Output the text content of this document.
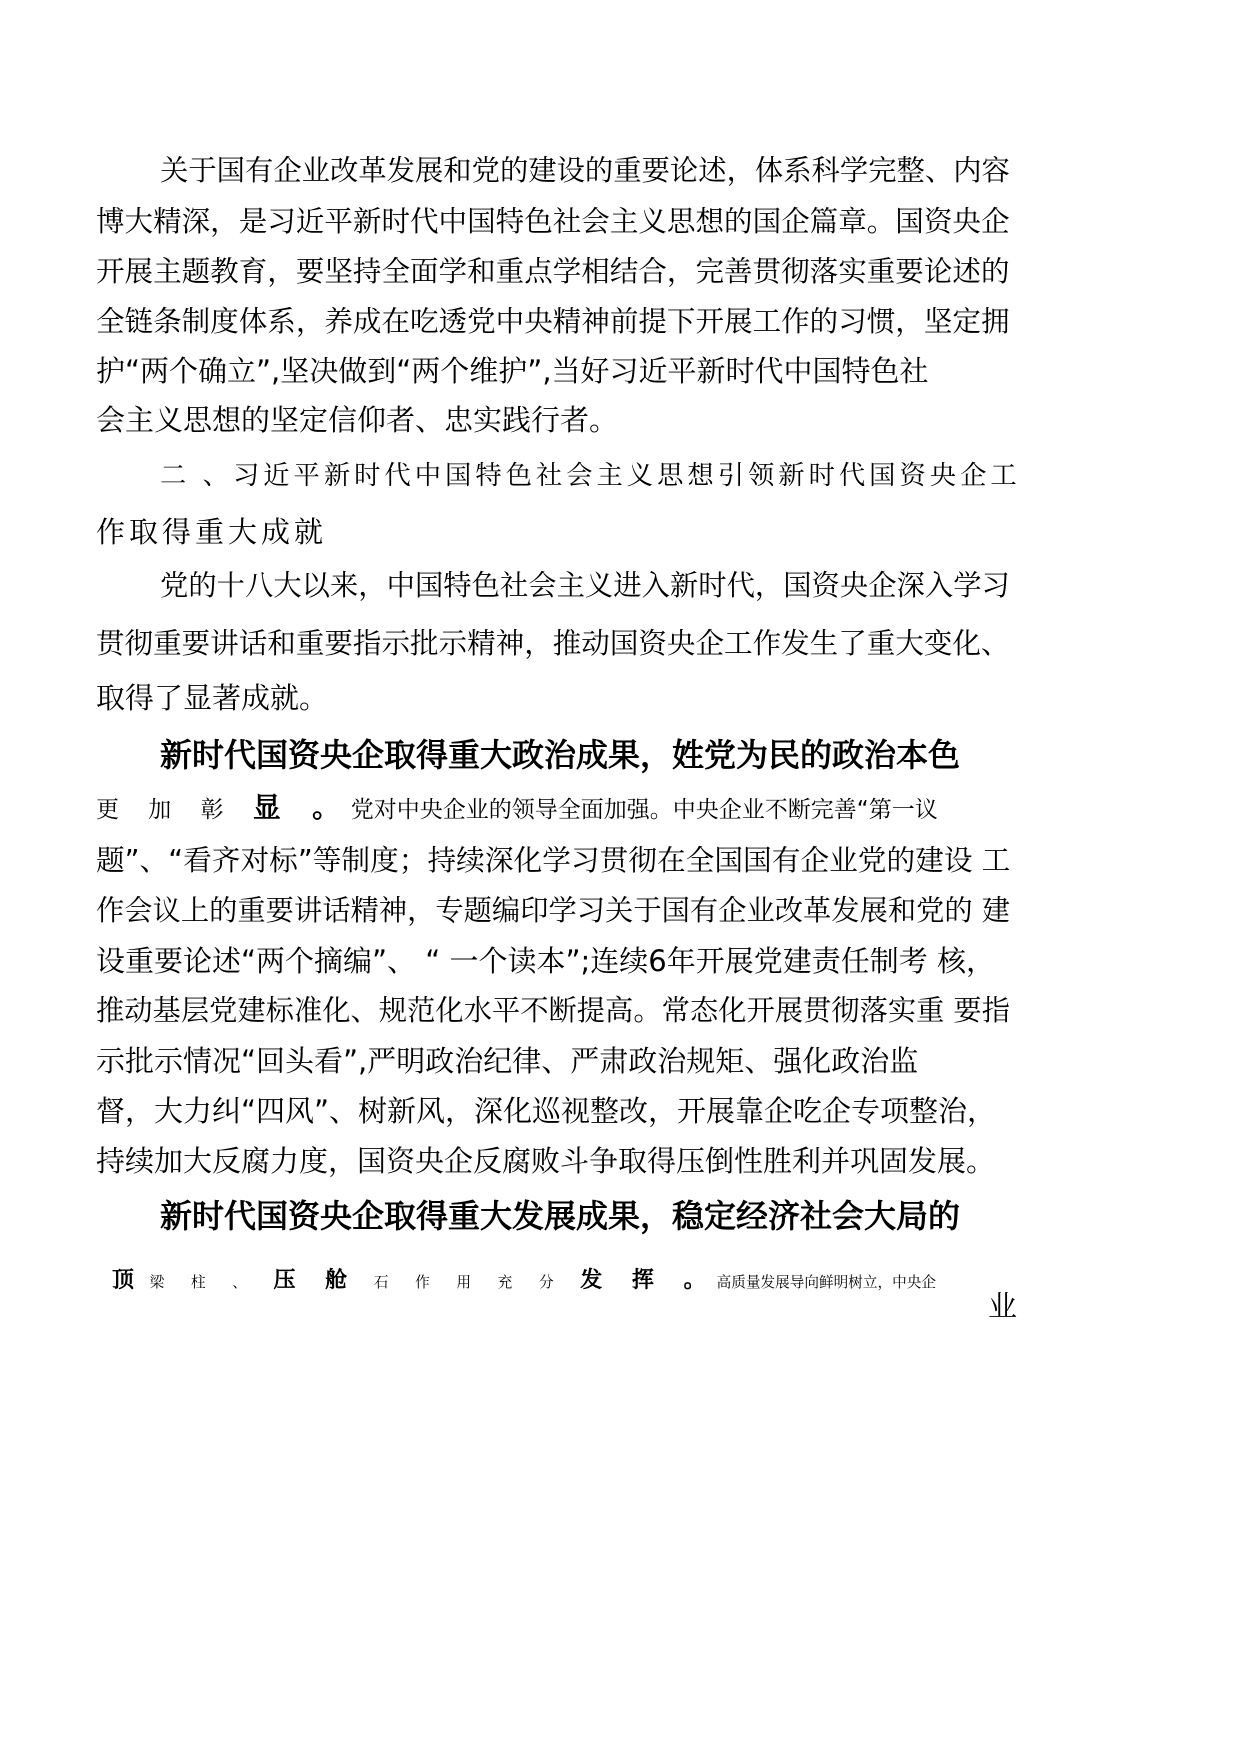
关于国有企业改革发展和党的建设的重要论述，体系科学完整、内容

博大精深，是习近平新时代中国特色社会主义思想的国企篇章。国资央企

开展主题教育，要坚持全面学和重点学相结合，完善贯彻落实重要论述的

全链条制度体系，养成在吃透党中央精神前提下开展工作的习惯，坚定拥

护“两个确立”,坚决做到“两个维护”,当好习近平新时代中国特色社

会主义思想的坚定信仰者、忠实践行者。

二 、习近平新时代中国特色社会主义思想引领新时代国资央企工

作取得重大成就

党的十八大以来，中国特色社会主义进入新时代，国资央企深入学习

贯彻重要讲话和重要指示批示精神，推动国资央企工作发生了重大变化、

取得了显著成就。

新时代国资央企取得重大政治成果，姓党为民的政治本色

更 加 彰 显 。党对中央企业的领导全面加强。中央企业不断完善“第一议

题”、“看齐对标”等制度；持续深化学习贯彻在全国国有企业党的建设 工

作会议上的重要讲话精神，专题编印学习关于国有企业改革发展和党的 建

设重要论述“两个摘编”、 “ 一个读本”;连续6年开展党建责任制考 核，

推动基层党建标准化、规范化水平不断提高。常态化开展贯彻落实重 要指

示批示情况“回头看”,严明政治纪律、严肃政治规矩、强化政治监

督，大力纠“四风”、树新风，深化巡视整改，开展靠企吃企专项整治，

持续加大反腐力度，国资央企反腐败斗争取得压倒性胜利并巩固发展。

新时代国资央企取得重大发展成果，稳定经济社会大局的

顶 梁 柱 、 压 舱 石 作 用 充 分 发 挥 。高质量发展导向鲜明树立，中央企

业
